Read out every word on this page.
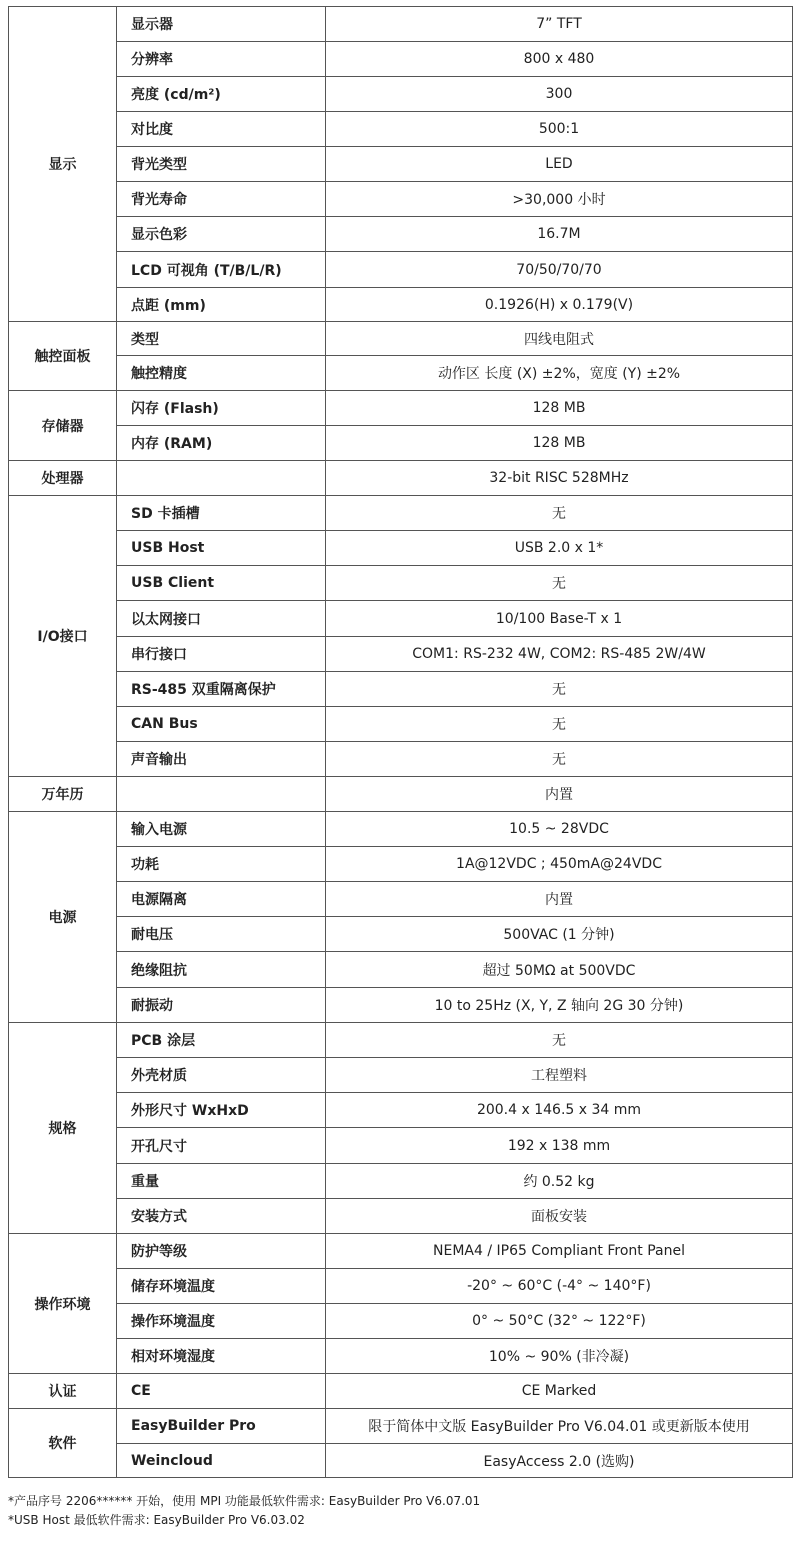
显示	显示器	7” TFT
	分辨率	800 x 480
	亮度 (cd/m²)	300
	对比度	500:1
	背光类型	LED
	背光寿命	>30,000 小时
	显示色彩	16.7M
	LCD 可视角 (T/B/L/R)	70/50/70/70
	点距 (mm)	0.1926(H) x 0.179(V)
触控面板	类型	四线电阻式
	触控精度	动作区 长度 (X) ±2%，宽度 (Y) ±2%
存储器	闪存 (Flash)	128 MB
	内存 (RAM)	128 MB
处理器		32-bit RISC 528MHz
I/O接口	SD 卡插槽	无
	USB Host	USB 2.0 x 1*
	USB Client	无
	以太网接口	10/100 Base-T x 1
	串行接口	COM1: RS-232 4W, COM2: RS-485 2W/4W
	RS-485 双重隔离保护	无
	CAN Bus	无
	声音输出	无
万年历		内置
电源	输入电源	10.5 ~ 28VDC
	功耗	1A@12VDC ; 450mA@24VDC
	电源隔离	内置
	耐电压	500VAC (1 分钟)
	绝缘阻抗	超过 50MΩ at 500VDC
	耐振动	10 to 25Hz (X, Y, Z 轴向 2G 30 分钟)
规格	PCB 涂层	无
	外壳材质	工程塑料
	外形尺寸 WxHxD	200.4 x 146.5 x 34 mm
	开孔尺寸	192 x 138 mm
	重量	约 0.52 kg
	安装方式	面板安装
操作环境	防护等级	NEMA4 / IP65 Compliant Front Panel
	储存环境温度	-20° ~ 60°C (-4° ~ 140°F)
	操作环境温度	0° ~ 50°C (32° ~ 122°F)
	相对环境湿度	10% ~ 90% (非冷凝)
认证	CE	CE Marked
软件	EasyBuilder Pro	限于简体中文版 EasyBuilder Pro V6.04.01 或更新版本使用
	Weincloud	EasyAccess 2.0 (选购)
*产品序号 2206****** 开始，使用 MPI 功能最低软件需求: EasyBuilder Pro V6.07.01
*USB Host 最低软件需求: EasyBuilder Pro V6.03.02
